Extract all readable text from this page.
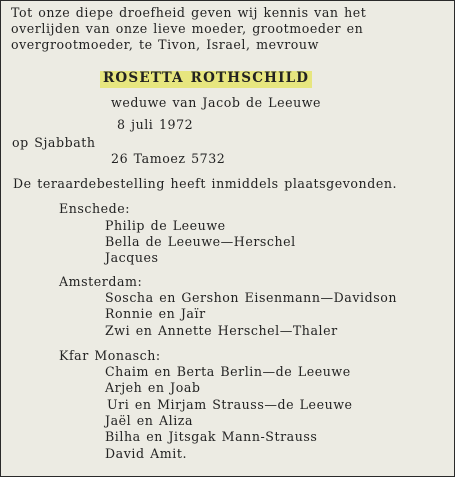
Tot onze diepe droefheid geven wij kennis van het
overlijden van onze lieve moeder, grootmoeder en
overgrootmoeder, te Tivon, Israel, mevrouw
ROSETTA ROTHSCHILD
weduwe van Jacob de Leeuwe
8 juli 1972
op Sjabbath
26 Tamoez 5732
De teraardebestelling heeft inmiddels plaatsgevonden.
Enschede:
Philip de Leeuwe
Bella de Leeuwe—Herschel
Jacques
Amsterdam:
Soscha en Gershon Eisenmann—Davidson
Ronnie en Jaïr
Zwi en Annette Herschel—Thaler
Kfar Monasch:
Chaim en Berta Berlin—de Leeuwe
Arjeh en Joab
Uri en Mirjam Strauss—de Leeuwe
Jaël en Aliza
Bilha en Jitsgak Mann-Strauss
David Amit.
